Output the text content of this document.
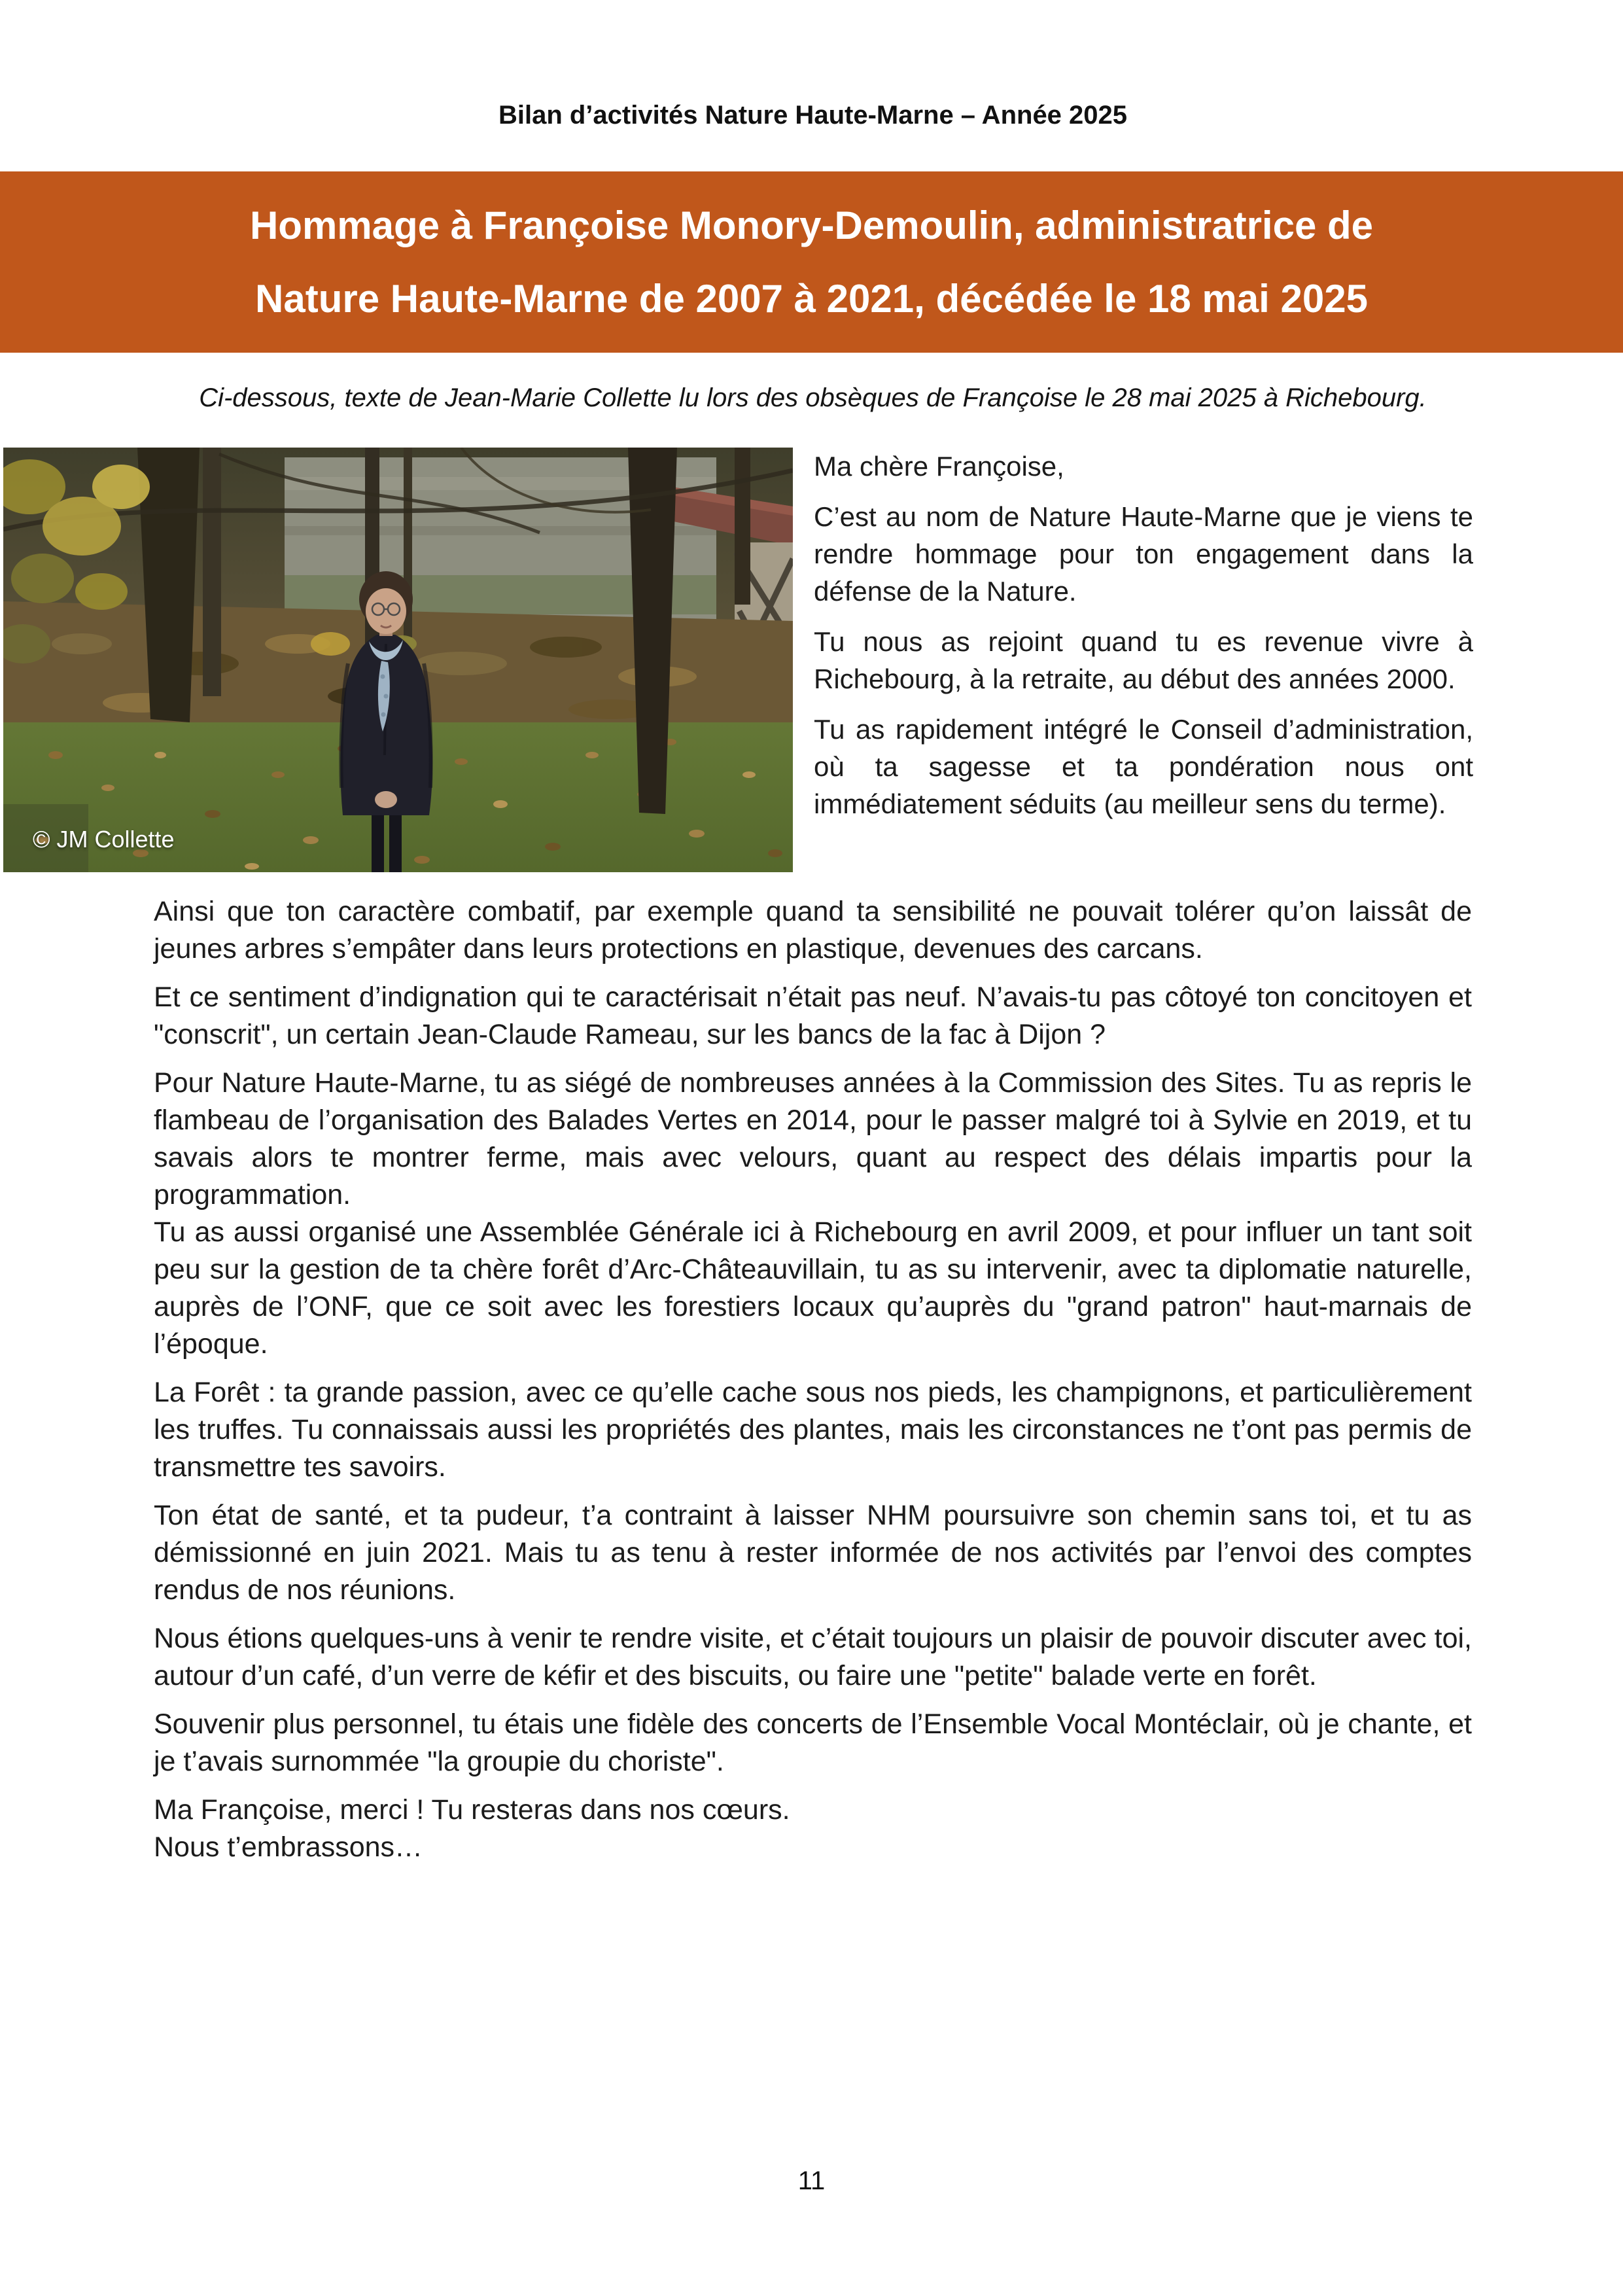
Bilan d’activités Nature Haute-Marne – Année 2025
Hommage à Françoise Monory-Demoulin, administratrice de
Nature Haute-Marne de 2007 à 2021, décédée le 18 mai 2025
Ci-dessous, texte de Jean-Marie Collette lu lors des obsèques de Françoise le 28 mai 2025 à Richebourg.
© JM Collette

Ma chère Françoise,

C’est au nom de Nature Haute-Marne que je viens te rendre hommage pour ton engagement dans la défense de la Nature.

Tu nous as rejoint quand tu es revenue vivre à Richebourg, à la retraite, au début des années 2000.

Tu as rapidement intégré le Conseil d’administration, où ta sagesse et ta pondération nous ont immédiatement séduits (au meilleur sens du terme).

Ainsi que ton caractère combatif, par exemple quand ta sensibilité ne pouvait tolérer qu’on laissât de jeunes arbres s’empâter dans leurs protections en plastique, devenues des carcans.

Et ce sentiment d’indignation qui te caractérisait n’était pas neuf. N’avais-tu pas côtoyé ton concitoyen et "conscrit", un certain Jean-Claude Rameau, sur les bancs de la fac à Dijon ?

Pour Nature Haute-Marne, tu as siégé de nombreuses années à la Commission des Sites. Tu as repris le flambeau de l’organisation des Balades Vertes en 2014, pour le passer malgré toi à Sylvie en 2019, et tu savais alors te montrer ferme, mais avec velours, quant au respect des délais impartis pour la programmation.

Tu as aussi organisé une Assemblée Générale ici à Richebourg en avril 2009, et pour influer un tant soit peu sur la gestion de ta chère forêt d’Arc-Châteauvillain, tu as su intervenir, avec ta diplomatie naturelle, auprès de l’ONF, que ce soit avec les forestiers locaux qu’auprès du "grand patron" haut-marnais de l’époque.

La Forêt : ta grande passion, avec ce qu’elle cache sous nos pieds, les champignons, et particulièrement les truffes. Tu connaissais aussi les propriétés des plantes, mais les circonstances ne t’ont pas permis de transmettre tes savoirs.

Ton état de santé, et ta pudeur, t’a contraint à laisser NHM poursuivre son chemin sans toi, et tu as démissionné en juin 2021. Mais tu as tenu à rester informée de nos activités par l’envoi des comptes rendus de nos réunions.

Nous étions quelques-uns à venir te rendre visite, et c’était toujours un plaisir de pouvoir discuter avec toi, autour d’un café, d’un verre de kéfir et des biscuits, ou faire une "petite" balade verte en forêt.

Souvenir plus personnel, tu étais une fidèle des concerts de l’Ensemble Vocal Montéclair, où je chante, et je t’avais surnommée "la groupie du choriste".

Ma Françoise, merci ! Tu resteras dans nos cœurs.

Nous t’embrassons…

11
